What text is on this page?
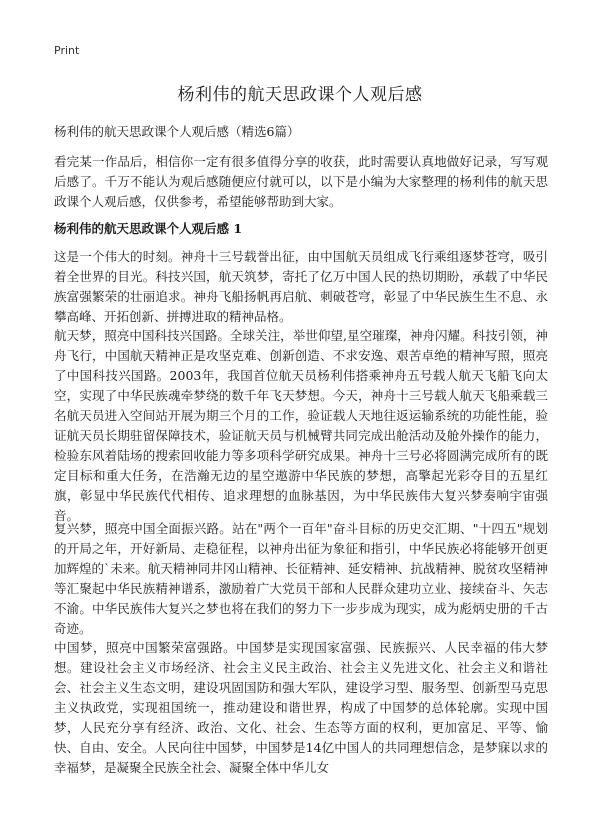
Print
杨利伟的航天思政课个人观后感
杨利伟的航天思政课个人观后感（精选6篇）

看完某一作品后，相信你一定有很多值得分享的收获，此时需要认真地做好记录，写写观后感了。千万不能认为观后感随便应付就可以，以下是小编为大家整理的杨利伟的航天思政课个人观后感，仅供参考，希望能够帮助到大家。

杨利伟的航天思政课个人观后感 1

这是一个伟大的时刻。神舟十三号载誉出征，由中国航天员组成飞行乘组逐梦苍穹，吸引着全世界的目光。科技兴国，航天筑梦，寄托了亿万中国人民的热切期盼，承载了中华民族富强繁荣的壮丽追求。神舟飞船扬帆再启航、刺破苍穹，彰显了中华民族生生不息、永攀高峰、开拓创新、拼搏进取的精神品格。

航天梦，照亮中国科技兴国路。全球关注，举世仰望,星空璀璨，神舟闪耀。科技引领，神舟飞行，中国航天精神正是攻坚克难、创新创造、不求安逸、艰苦卓绝的精神写照，照亮了中国科技兴国路。2003年，我国首位航天员杨利伟搭乘神舟五号载人航天飞船飞向太空，实现了中华民族魂牵梦绕的数千年飞天梦想。今天，神舟十三号载人航天飞船乘载三名航天员进入空间站开展为期三个月的工作，验证载人天地往返运输系统的功能性能，验证航天员长期驻留保障技术，验证航天员与机械臂共同完成出舱活动及舱外操作的能力，检验东风着陆场的搜索回收能力等多项科学研究成果。神舟十三号必将圆满完成所有的既定目标和重大任务，在浩瀚无边的星空遨游中华民族的梦想，高擎起光彩夺目的五星红旗，彰显中华民族代代相传、追求理想的血脉基因，为中华民族伟大复兴梦奏响宇宙强音。

复兴梦，照亮中国全面振兴路。站在"两个一百年"奋斗目标的历史交汇期、"十四五"规划的开局之年，开好新局、走稳征程，以神舟出征为象征和指引，中华民族必将能够开创更加辉煌的`未来。航天精神同井冈山精神、长征精神、延安精神、抗战精神、脱贫攻坚精神等汇聚起中华民族精神谱系，激励着广大党员干部和人民群众建功立业、接续奋斗、矢志不渝。中华民族伟大复兴之梦也将在我们的努力下一步步成为现实，成为彪炳史册的千古奇迹。

中国梦，照亮中国繁荣富强路。中国梦是实现国家富强、民族振兴、人民幸福的伟大梦想。建设社会主义市场经济、社会主义民主政治、社会主义先进文化、社会主义和谐社会、社会主义生态文明，建设巩固国防和强大军队，建设学习型、服务型、创新型马克思主义执政党，实现祖国统一，推动建设和谐世界，构成了中国梦的总体轮廓。实现中国梦，人民充分享有经济、政治、文化、社会、生态等方面的权利，更加富足、平等、愉快、自由、安全。人民向往中国梦，中国梦是14亿中国人的共同理想信念，是梦寐以求的幸福梦，是凝聚全民族全社会、凝聚全体中华儿女
